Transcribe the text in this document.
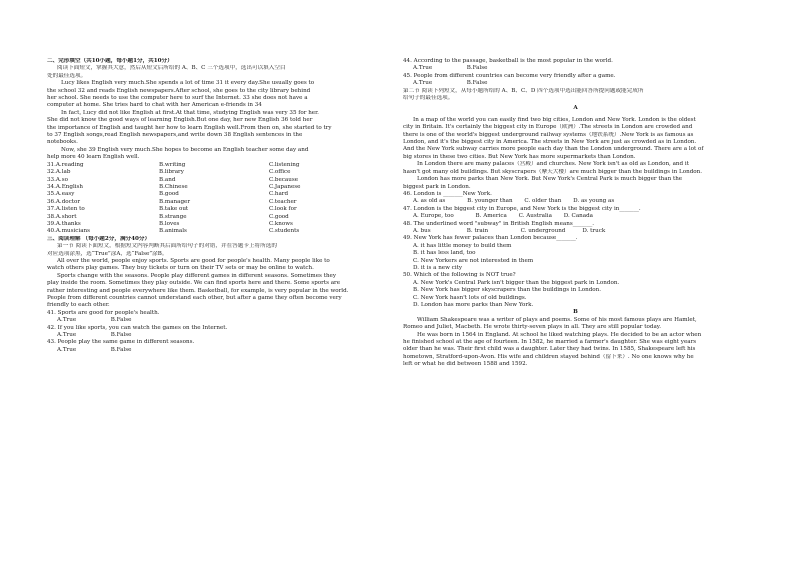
二、完形填空（共10小题，每小题1分，共10分）
阅读下面短文，掌握其大意，然后从短文后所给的 A、B、C 三个选项中，选出可以填入空白
处的最佳选项。
Lucy likes English very much.She spends a lot of time 31 it every day.She usually goes to
the school 32 and reads English newspapers.After school, she goes to the city library behind
her school. She needs to use the computer here to surf the Internet. 33 she does not have a
computer at home. She tries hard to chat with her American e-friends in 34
In fact, Lucy did not like English at first.At that time, studying English was very 35 for her.
She did not know the good ways of learning English.But one day, her new English 36 told her
the importance of English and taught her how to learn English well.From then on, she started to try
to 37 English songs,read English newspapers,and write down 38 English sentences in the
notebooks.
Now, she 39 English very much.She hopes to become an English teacher some day and
help more 40 learn English well.
31.A.reading	B.writing	C.listening
32.A.lab	B.library	C.office
33.A.so	B.and	C.because
34.A.English	B.Chinese	C.Japanese
35.A.easy	B.good	C.hard
36.A.doctor	B.manager	C.teacher
37.A.listen to	B.take out	C.look for
38.A.short	B.strange	C.good
39.A.thanks	B.loves	C.knows
40.A.musicians	B.animals	C.students
三、阅读理解 （每小题2分，满分40分）
第一节 阅读下面短文，根据短文内容判断其后面所给句子的对错，并在答题卡上将所选的
对应选项涂黑，选“True”涂A，选“False”涂B。
All over the world, people enjoy sports. Sports are good for people's health. Many people like to
watch others play games. They buy tickets or turn on their TV sets or may be online to watch.
Sports change with the seasons. People play different games in different seasons. Sometimes they
play inside the room. Sometimes they play outside. We can find sports here and there. Some sports are
rather interesting and people everywhere like them. Basketball, for example, is very popular in the world.
People from different countries cannot understand each other, but after a game they often become very
friendly to each other.
41. Sports are good for people's health.
A.True	B.False
42. If you like sports, you can watch the games on the Internet.
A.True	B.False
43. People play the same game in different seasons.
A.True	B.False
44. According to the passage, basketball is the most popular in the world.
A.True	B.False
45. People from different countries can become very friendly after a game.
A.True	B.False
第二节 阅读下列短文，从每小题所给的 A、B、C、D 四个选项中选出能回答所提问题或能完成所
给句子的最佳选项。
A
In a map of the world you can easily find two big cities, London and New York. London is the oldest
city in Britain. It's certainly the biggest city in Europe（欧洲）.The streets in London are crowded and
there is one of the world's biggest underground railway systems（地铁系统）.New York is as famous as
London, and it's the biggest city in America. The streets in New York are just as crowded as in London.
And the New York subway carries more people each day than the London underground. There are a lot of
big stores in these two cities. But New York has more supermarkets than London.
In London there are many palaces（宫殿）and churches. New York isn't as old as London, and it
hasn't got many old buildings. But skyscrapers（摩天大楼）are much bigger than the buildings in London.
London has more parks than New York. But New York's Central Park is much bigger than the
biggest park in London.
46. London is _______New York.
A. as old as	B. younger than C. older than D. as young as
47. London is the biggest city in Europe, and New York is the biggest city in_______.
A. Europe, too	B. America C. Australia D. Canada
48. The underlined word "subway" in British English means_______.
A. bus	B. train	C. underground	D. truck
49. New York has fewer palaces than London because_______.
A. it has little money to build them
B. it has less land, too
C. New Yorkers are not interested in them
D. it is a new city
50. Which of the following is NOT true?
A. New York's Central Park isn't bigger than the biggest park in London.
B. New York has bigger skyscrapers than the buildings in London.
C. New York hasn't lots of old buildings.
D. London has more parks than New York.
B
William Shakespeare was a writer of plays and poems. Some of his most famous plays are Hamlet,
Romeo and Juliet, Macbeth. He wrote thirty-seven plays in all. They are still popular today.
He was born in 1564 in England. At school he liked watching plays. He decided to be an actor when
he finished school at the age of fourteen. In 1582, he married a farmer's daughter. She was eight years
older than he was. Their first child was a daughter. Later they had twins. In 1585, Shakespeare left his
hometown, Stratford-upon-Avon. His wife and children stayed behind（留下来）. No one knows why he
left or what he did between 1588 and 1592.
